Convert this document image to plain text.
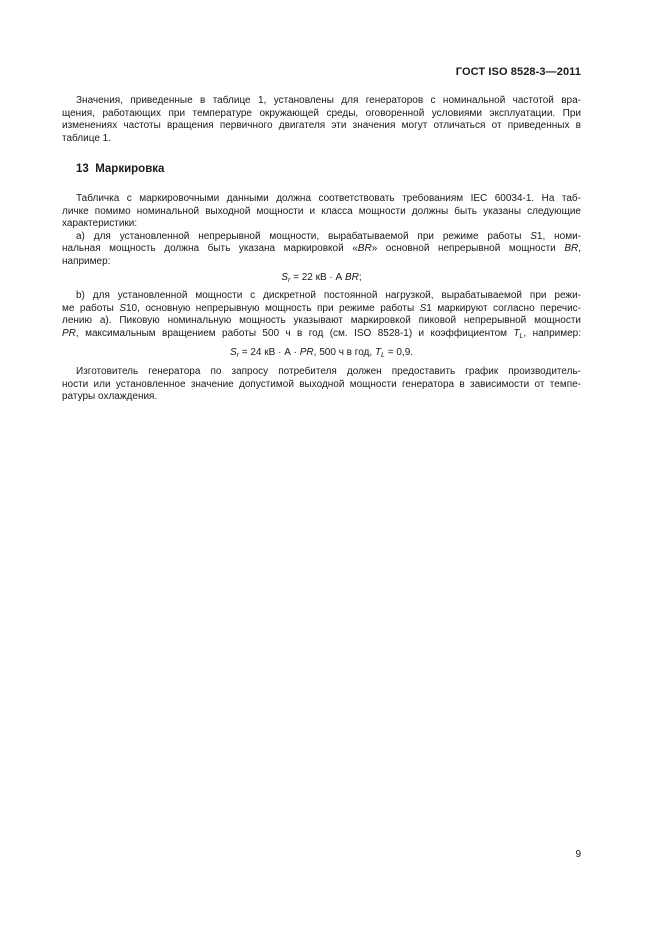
ГОСТ ISO 8528-3—2011

Значения, приведенные в таблице 1, установлены для генераторов с номинальной частотой вра-
щения, работающих при температуре окружающей среды, оговоренной условиями эксплуатации. При
изменениях частоты вращения первичного двигателя эти значения могут отличаться от приведенных в
таблице 1.

13 Маркировка

Табличка с маркировочными данными должна соответствовать требованиям IEC 60034-1. На таб-
личке помимо номинальной выходной мощности и класса мощности должны быть указаны следующие
характеристики:

а) для установленной непрерывной мощности, вырабатываемой при режиме работы S1, номи-
нальная мощность должна быть указана маркировкой «BR» основной непрерывной мощности BR,
например:

$S_r = 22$ кВ · А BR;

b) для установленной мощности с дискретной постоянной нагрузкой, вырабатываемой при режи-
ме работы S10, основную непрерывную мощность при режиме работы S1 маркируют согласно перечис-
лению а). Пиковую номинальную мощность указывают маркировкой пиковой непрерывной мощности
PR, максимальным вращением работы 500 ч в год (см. ISO 8528-1) и коэффициентом $T_L$, например:

$S_r = 24$ кВ · А · PR, 500 ч в год, $T_L = 0,9$.

Изготовитель генератора по запросу потребителя должен предоставить график производитель-
ности или установленное значение допустимой выходной мощности генератора в зависимости от темпе-
ратуры охлаждения.

9
